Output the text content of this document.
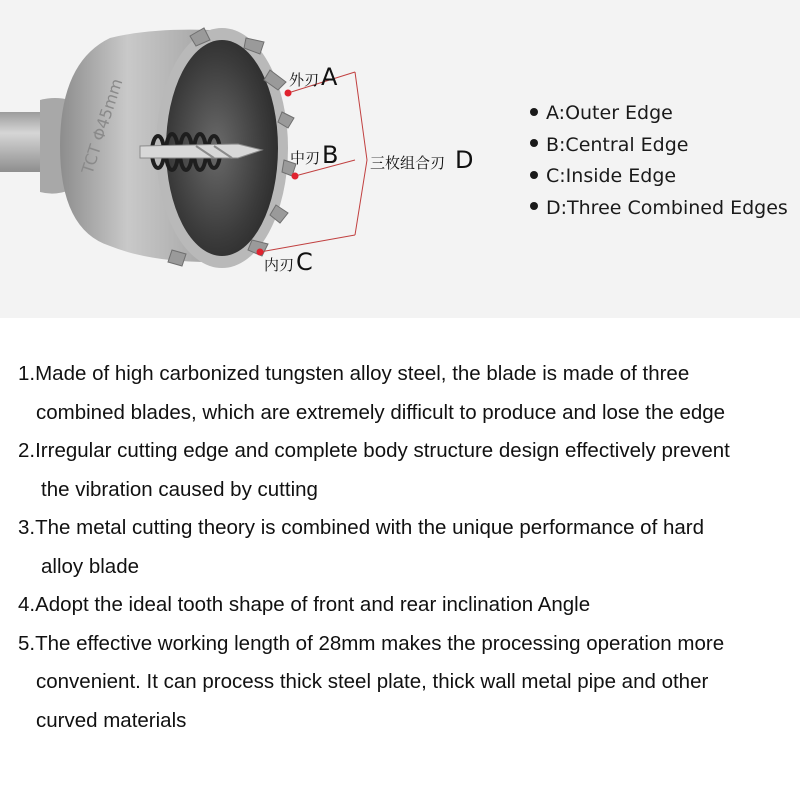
TCT Φ45mm	外刃A
中刃B
内刃C
三枚组合刃 D
A:Outer Edge
B:Central Edge
C:Inside Edge
D:Three Combined Edges
1.Made of high carbonized tungsten alloy steel, the blade is made of three
combined blades, which are extremely difficult to produce and lose the edge
2.Irregular cutting edge and complete body structure design effectively prevent
the vibration caused by cutting
3.The metal cutting theory is combined with the unique performance of hard
alloy blade
4.Adopt the ideal tooth shape of front and rear inclination Angle
5.The effective working length of 28mm makes the processing operation more
convenient. It can process thick steel plate, thick wall metal pipe and other
curved materials
